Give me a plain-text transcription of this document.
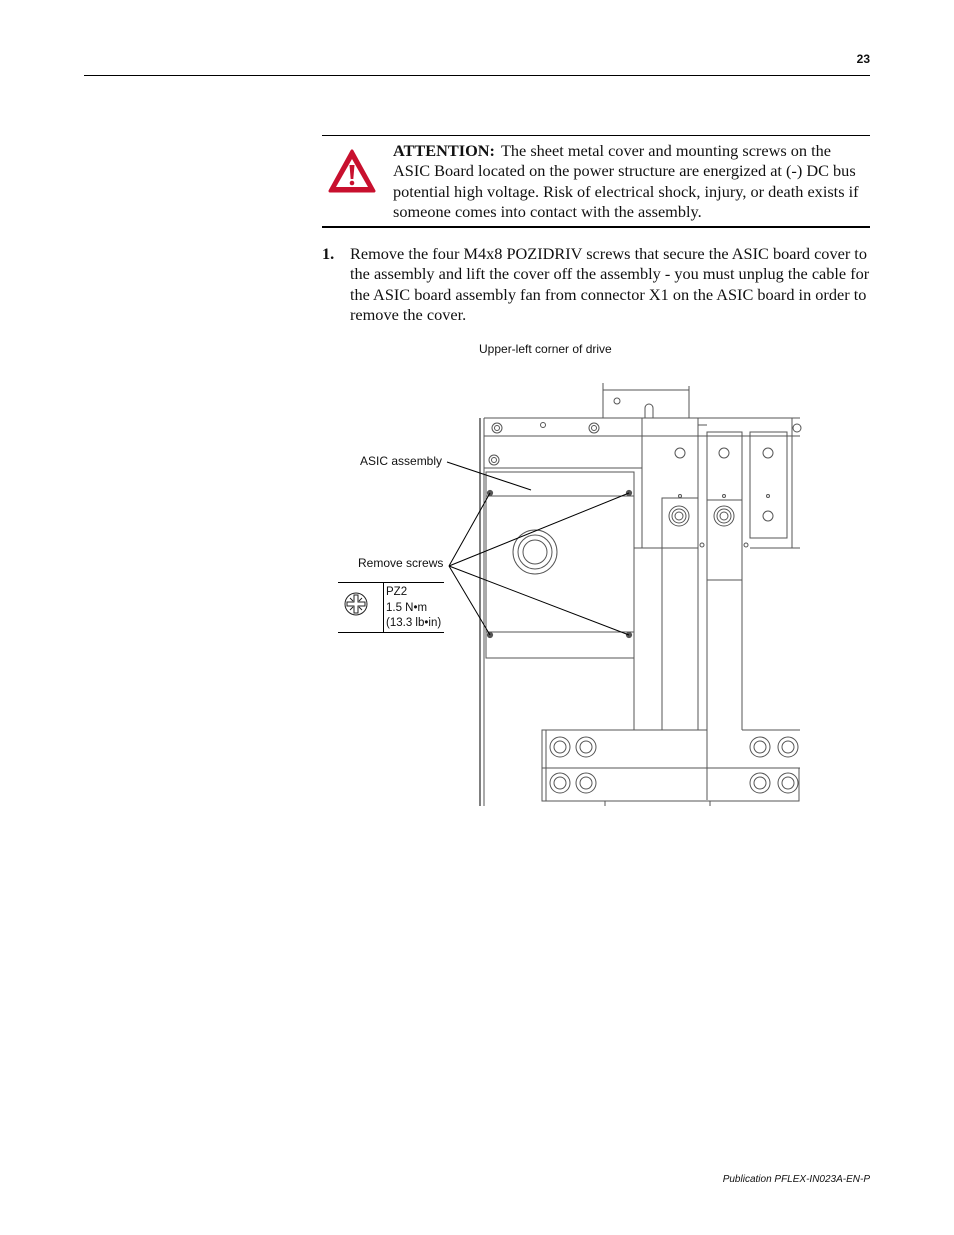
23
ATTENTION: The sheet metal cover and mounting screws on the ASIC Board located on the power structure are energized at (-) DC bus potential high voltage. Risk of electrical shock, injury, or death exists if someone comes into contact with the assembly.
1. Remove the four M4x8 POZIDRIV screws that secure the ASIC board cover to the assembly and lift the cover off the assembly - you must unplug the cable for the ASIC board assembly fan from connector X1 on the ASIC board in order to remove the cover.
Upper-left corner of drive
ASIC assembly
Remove screws
PZ2
1.5 N•m
(13.3 lb•in)
Publication PFLEX-IN023A-EN-P
